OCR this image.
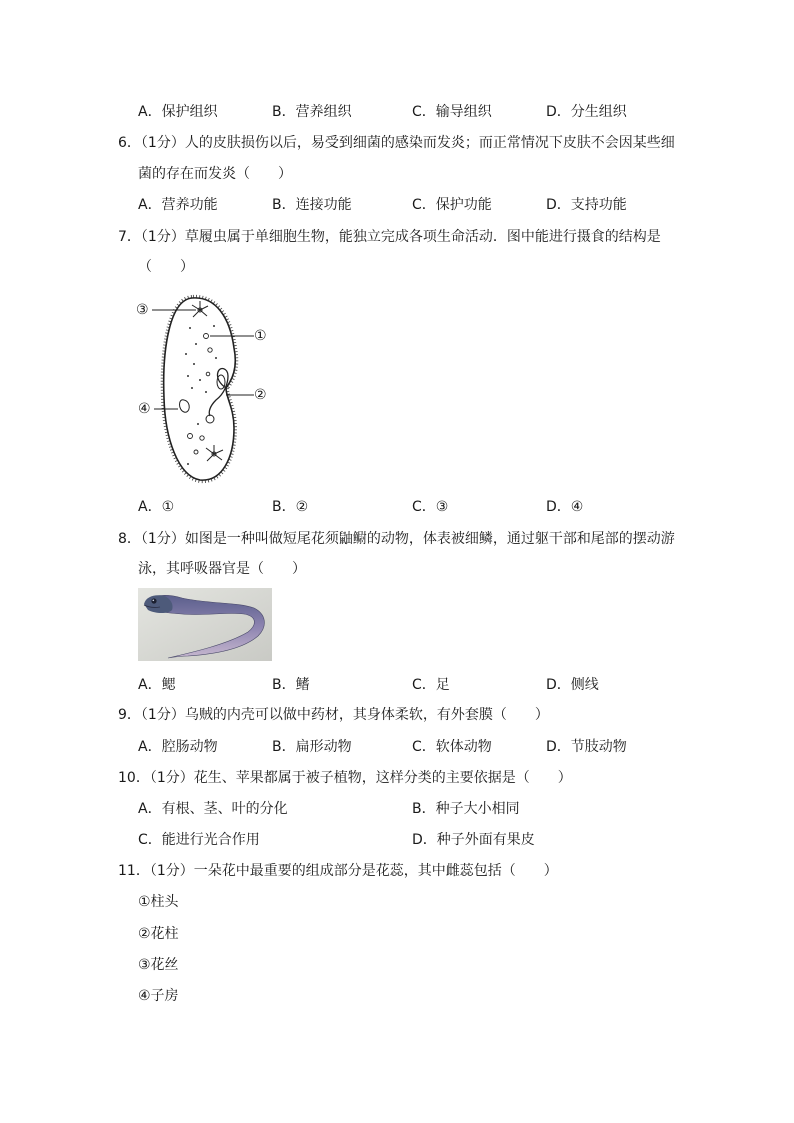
A．保护组织	B．营养组织	C．输导组织	D．分生组织
6．（1分）人的皮肤损伤以后，易受到细菌的感染而发炎；而正常情况下皮肤不会因某些细
菌的存在而发炎（　　）
A．营养功能	B．连接功能	C．保护功能	D．支持功能
7．（1分）草履虫属于单细胞生物，能独立完成各项生命活动．图中能进行摄食的结构是
（　　）
③
①
②
④
A．①	B．②	C．③	D．④
8．（1分）如图是一种叫做短尾花须鼬鳚的动物，体表被细鳞，通过躯干部和尾部的摆动游
泳，其呼吸器官是（　　）
A．鳃	B．鳍	C．足	D．侧线
9．（1分）乌贼的内壳可以做中药材，其身体柔软，有外套膜（　　）
A．腔肠动物	B．扁形动物	C．软体动物	D．节肢动物
10．（1分）花生、苹果都属于被子植物，这样分类的主要依据是（　　）
A．有根、茎、叶的分化	B．种子大小相同
C．能进行光合作用	D．种子外面有果皮
11．（1分）一朵花中最重要的组成部分是花蕊，其中雌蕊包括（　　）
①柱头
②花柱
③花丝
④子房
